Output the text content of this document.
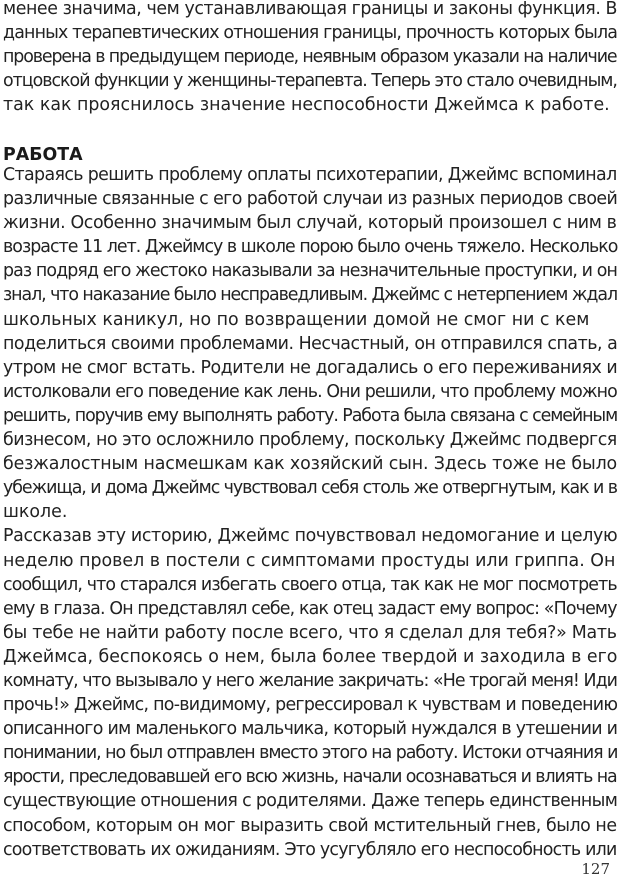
менее значима, чем устанавливающая границы и законы функция. В
данных терапевтических отношения границы, прочность которых была
проверена в предыдущем периоде, неявным образом указали на наличие
отцовской функции у женщины-терапевта. Теперь это стало очевидным,
так как прояснилось значение неспособности Джеймса к работе.

РАБОТА

Стараясь решить проблему оплаты психотерапии, Джеймс вспоминал
различные связанные с его работой случаи из разных периодов своей
жизни. Особенно значимым был случай, который произошел с ним в
возрасте 11 лет. Джеймсу в школе порою было очень тяжело. Несколько
раз подряд его жестоко наказывали за незначительные проступки, и он
знал, что наказание было несправедливым. Джеймс с нетерпением ждал
школьных каникул, но по возвращении домой не смог ни с кем
поделиться своими проблемами. Несчастный, он отправился спать, а
утром не смог встать. Родители не догадались о его переживаниях и
истолковали его поведение как лень. Они решили, что проблему можно
решить, поручив ему выполнять работу. Работа была связана с семейным
бизнесом, но это осложнило проблему, поскольку Джеймс подвергся
безжалостным насмешкам как хозяйский сын. Здесь тоже не было
убежища, и дома Джеймс чувствовал себя столь же отвергнутым, как и в
школе.
Рассказав эту историю, Джеймс почувствовал недомогание и целую
неделю провел в постели с симптомами простуды или гриппа. Он
сообщил, что старался избегать своего отца, так как не мог посмотреть
ему в глаза. Он представлял себе, как отец задаст ему вопрос: «Почему
бы тебе не найти работу после всего, что я сделал для тебя?» Мать
Джеймса, беспокоясь о нем, была более твердой и заходила в его
комнату, что вызывало у него желание закричать: «Не трогай меня! Иди
прочь!» Джеймс, по-видимому, регрессировал к чувствам и поведению
описанного им маленького мальчика, который нуждался в утешении и
понимании, но был отправлен вместо этого на работу. Истоки отчаяния и
ярости, преследовавшей его всю жизнь, начали осознаваться и влиять на
существующие отношения с родителями. Даже теперь единственным
способом, которым он мог выразить свой мстительный гнев, было не
соответствовать их ожиданиям. Это усугубляло его неспособность или

127
